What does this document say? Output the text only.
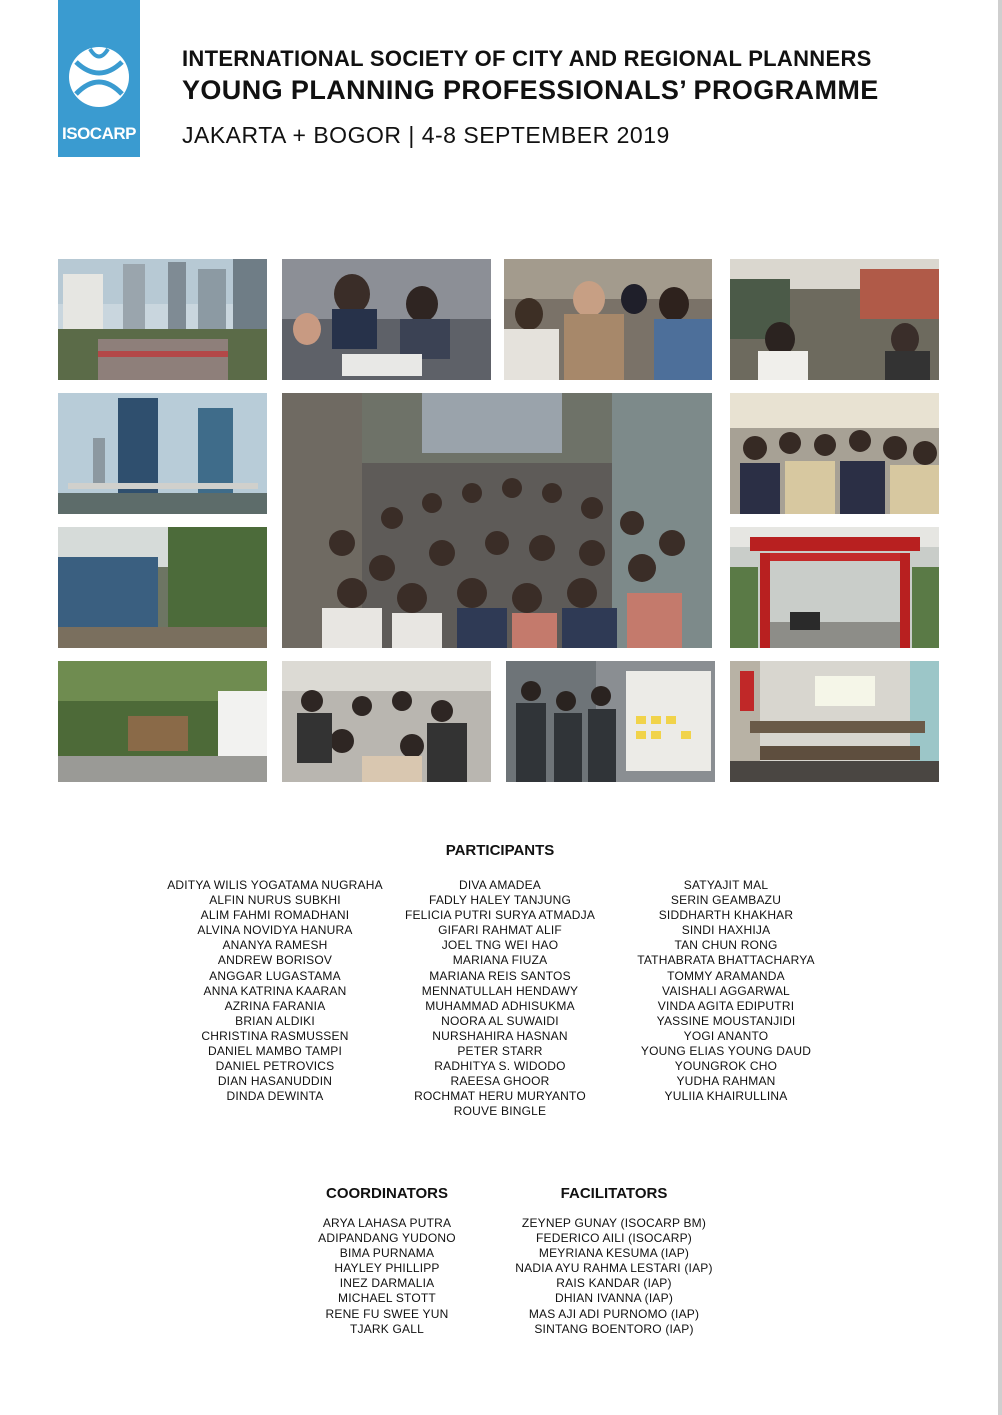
ISOCARP
INTERNATIONAL SOCIETY OF CITY AND REGIONAL PLANNERS
YOUNG PLANNING PROFESSIONALS’ PROGRAMME
JAKARTA + BOGOR | 4-8 SEPTEMBER 2019
PARTICIPANTS
ADITYA WILIS YOGATAMA NUGRAHA
ALFIN NURUS SUBKHI
ALIM FAHMI ROMADHANI
ALVINA NOVIDYA HANURA
ANANYA RAMESH
ANDREW BORISOV
ANGGAR LUGASTAMA
ANNA KATRINA KAARAN
AZRINA FARANIA
BRIAN ALDIKI
CHRISTINA RASMUSSEN
DANIEL MAMBO TAMPI
DANIEL PETROVICS
DIAN HASANUDDIN
DINDA DEWINTA
DIVA AMADEA
FADLY HALEY TANJUNG
FELICIA PUTRI SURYA ATMADJA
GIFARI RAHMAT ALIF
JOEL TNG WEI HAO
MARIANA FIUZA
MARIANA REIS SANTOS
MENNATULLAH HENDAWY
MUHAMMAD ADHISUKMA
NOORA AL SUWAIDI
NURSHAHIRA HASNAN
PETER STARR
RADHITYA S. WIDODO
RAEESA GHOOR
ROCHMAT HERU MURYANTO
ROUVE BINGLE
SATYAJIT MAL
SERIN GEAMBAZU
SIDDHARTH KHAKHAR
SINDI HAXHIJA
TAN CHUN RONG
TATHABRATA BHATTACHARYA
TOMMY ARAMANDA
VAISHALI AGGARWAL
VINDA AGITA EDIPUTRI
YASSINE MOUSTANJIDI
YOGI ANANTO
YOUNG ELIAS YOUNG DAUD
YOUNGROK CHO
YUDHA RAHMAN
YULIIA KHAIRULLINA
COORDINATORS
ARYA LAHASA PUTRA
ADIPANDANG YUDONO
BIMA PURNAMA
HAYLEY PHILLIPP
INEZ DARMALIA
MICHAEL STOTT
RENE FU SWEE YUN
TJARK GALL
FACILITATORS
ZEYNEP GUNAY (ISOCARP BM)
FEDERICO AILI (ISOCARP)
MEYRIANA KESUMA (IAP)
NADIA AYU RAHMA LESTARI (IAP)
RAIS KANDAR (IAP)
DHIAN IVANNA (IAP)
MAS AJI ADI PURNOMO (IAP)
SINTANG BOENTORO (IAP)
